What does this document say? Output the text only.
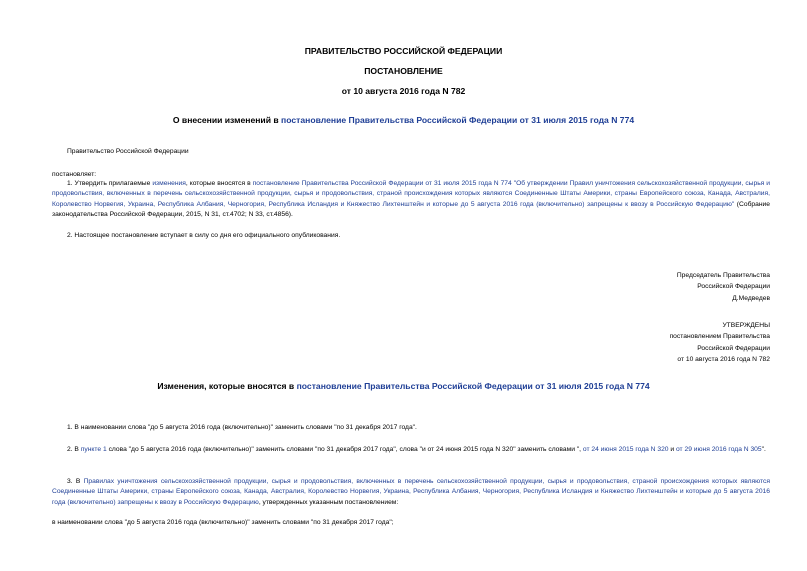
ПРАВИТЕЛЬСТВО РОССИЙСКОЙ ФЕДЕРАЦИИ
ПОСТАНОВЛЕНИЕ
от 10 августа 2016 года N 782
О внесении изменений в постановление Правительства Российской Федерации от 31 июля 2015 года N 774
Правительство Российской Федерации
постановляет:
1. Утвердить прилагаемые изменения, которые вносятся в постановление Правительства Российской Федерации от 31 июля 2015 года N 774 "Об утверждении Правил уничтожения сельскохозяйственной продукции, сырья и продовольствия, включенных в перечень сельскохозяйственной продукции, сырья и продовольствия, страной происхождения которых являются Соединенные Штаты Америки, страны Европейского союза, Канада, Австралия, Королевство Норвегия, Украина, Республика Албания, Черногория, Республика Исландия и Княжество Лихтенштейн и которые до 5 августа 2016 года (включительно) запрещены к ввозу в Российскую Федерацию" (Собрание законодательства Российской Федерации, 2015, N 31, ст.4702; N 33, ст.4856).
2. Настоящее постановление вступает в силу со дня его официального опубликования.
Председатель Правительства
Российской Федерации
Д.Медведев
УТВЕРЖДЕНЫ
постановлением Правительства
Российской Федерации
от 10 августа 2016 года N 782
Изменения, которые вносятся в постановление Правительства Российской Федерации от 31 июля 2015 года N 774
1. В наименовании слова "до 5 августа 2016 года (включительно)" заменить словами "по 31 декабря 2017 года".
2. В пункте 1 слова "до 5 августа 2016 года (включительно)" заменить словами "по 31 декабря 2017 года", слова "и от 24 июня 2015 года N 320" заменить словами ", от 24 июня 2015 года N 320 и от 29 июня 2016 года N 305".
3. В Правилах уничтожения сельскохозяйственной продукции, сырья и продовольствия, включенных в перечень сельскохозяйственной продукции, сырья и продовольствия, страной происхождения которых являются Соединенные Штаты Америки, страны Европейского союза, Канада, Австралия, Королевство Норвегия, Украина, Республика Албания, Черногория, Республика Исландия и Княжество Лихтенштейн и которые до 5 августа 2016 года (включительно) запрещены к ввозу в Российскую Федерацию, утвержденных указанным постановлением:
в наименовании слова "до 5 августа 2016 года (включительно)" заменить словами "по 31 декабря 2017 года";
